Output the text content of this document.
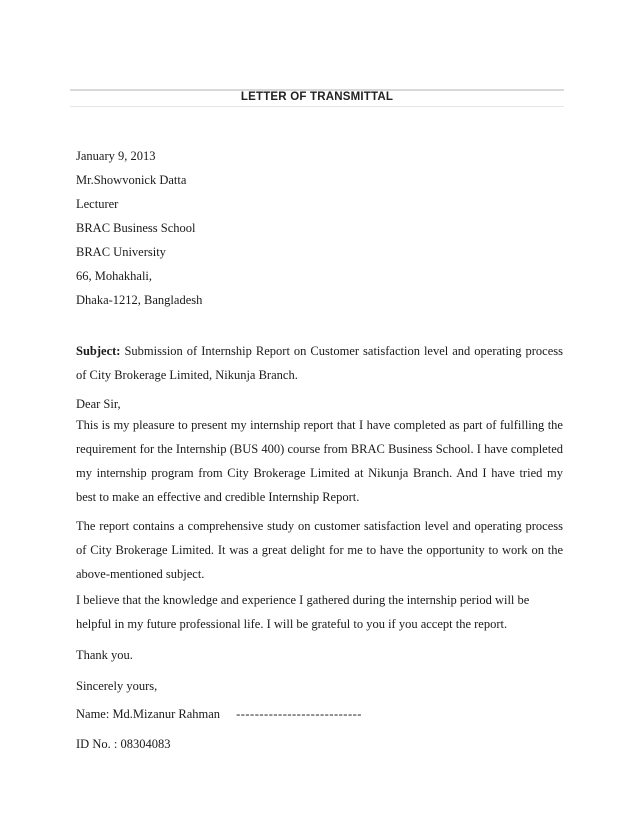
LETTER OF TRANSMITTAL
January 9, 2013
Mr.Showvonick Datta
Lecturer
BRAC Business School
BRAC University
66, Mohakhali,
Dhaka-1212, Bangladesh
Subject: Submission of Internship Report on Customer satisfaction level and operating process
of City Brokerage Limited, Nikunja Branch.
Dear Sir,
This is my pleasure to present my internship report that I have completed as part of fulfilling the
requirement for the Internship (BUS 400) course from BRAC Business School. I have completed
my internship program from City Brokerage Limited at Nikunja Branch. And I have tried my
best to make an effective and credible Internship Report.
The report contains a comprehensive study on customer satisfaction level and operating process
of City Brokerage Limited. It was a great delight for me to have the opportunity to work on the
above-mentioned subject.
I believe that the knowledge and experience I gathered during the internship period will be
helpful in my future professional life. I will be grateful to you if you accept the report.
Thank you.
Sincerely yours,
Name: Md.Mizanur Rahman ---------------------------
ID No. : 08304083
